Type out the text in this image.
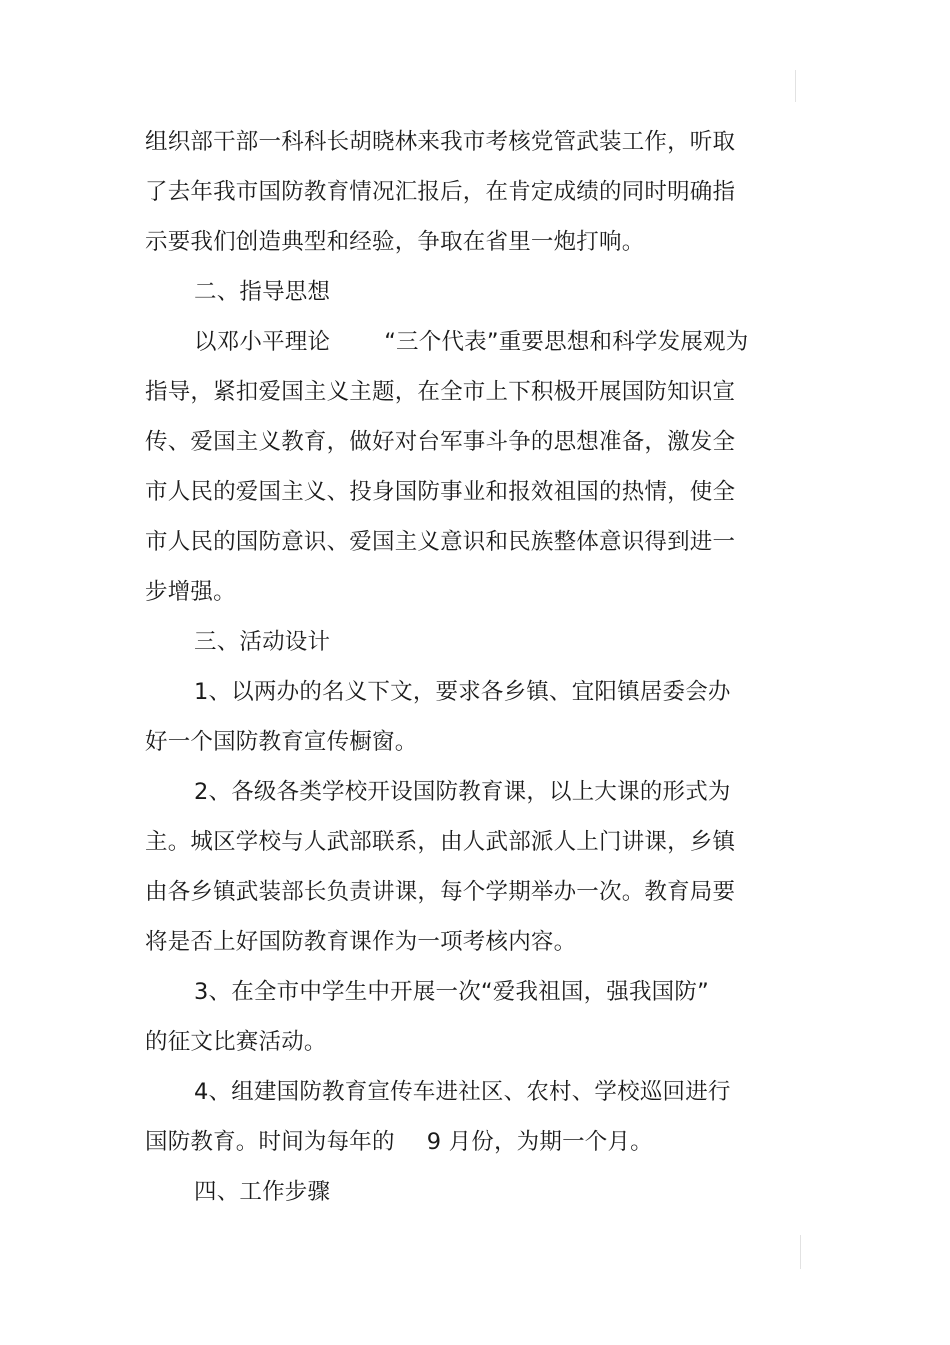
组织部干部一科科长胡晓林来我市考核党管武装工作，听取
了去年我市国防教育情况汇报后，在肯定成绩的同时明确指
示要我们创造典型和经验，争取在省里一炮打响。
二、指导思想
以邓小平理论 “三个代表”重要思想和科学发展观为
指导，紧扣爱国主义主题，在全市上下积极开展国防知识宣
传、爱国主义教育，做好对台军事斗争的思想准备，激发全
市人民的爱国主义、投身国防事业和报效祖国的热情，使全
市人民的国防意识、爱国主义意识和民族整体意识得到进一
步增强。
三、活动设计
1、以两办的名义下文，要求各乡镇、宜阳镇居委会办
好一个国防教育宣传橱窗。
2、各级各类学校开设国防教育课，以上大课的形式为
主。城区学校与人武部联系，由人武部派人上门讲课，乡镇
由各乡镇武装部长负责讲课，每个学期举办一次。教育局要
将是否上好国防教育课作为一项考核内容。
3、在全市中学生中开展一次“爱我祖国，强我国防”
的征文比赛活动。
4、组建国防教育宣传车进社区、农村、学校巡回进行
国防教育。时间为每年的 9 月份，为期一个月。
四、工作步骤
